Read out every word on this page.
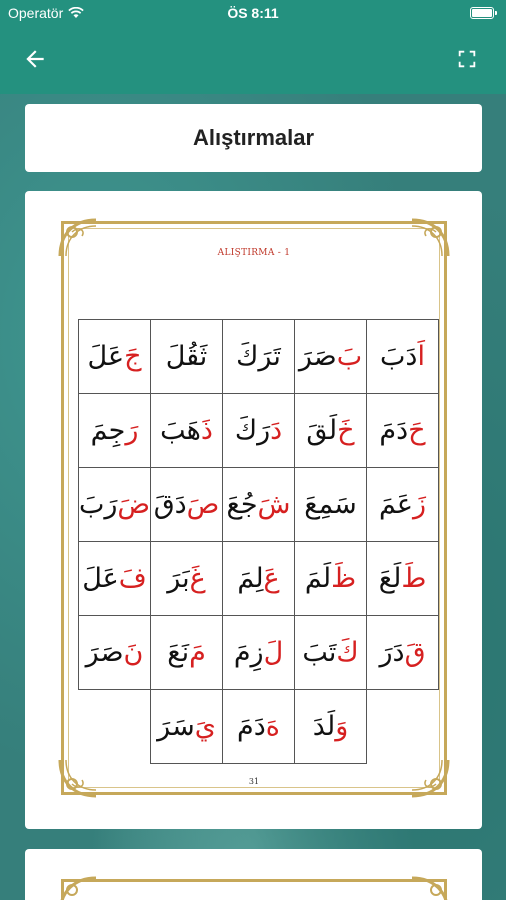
Operatör	ÖS 8:11
Alıştırmalar
ALIŞTIRMA - 1
31
اَ
دَبَ
بَ
صَرَ
تَرَكَ
ثَقُلَ
جَ
عَلَ
حَ
دَمَ
خَ
لَقَ
دَ
رَكَ
ذَ
هَبَ
رَ
جِمَ
زَ
عَمَ
سَمِعَ
شَ
جُعَ
صَ
دَقَ
ضَ
رَبَ
طَ
لَعَ
ظَ
لَمَ
عَ
لِمَ
غَ
بَرَ
فَ
عَلَ
قَ
دَرَ
كَ
تَبَ
لَ
زِمَ
مَ
نَعَ
نَ
صَرَ
وَ
لَدَ
هَ
دَمَ
يَ
سَرَ
